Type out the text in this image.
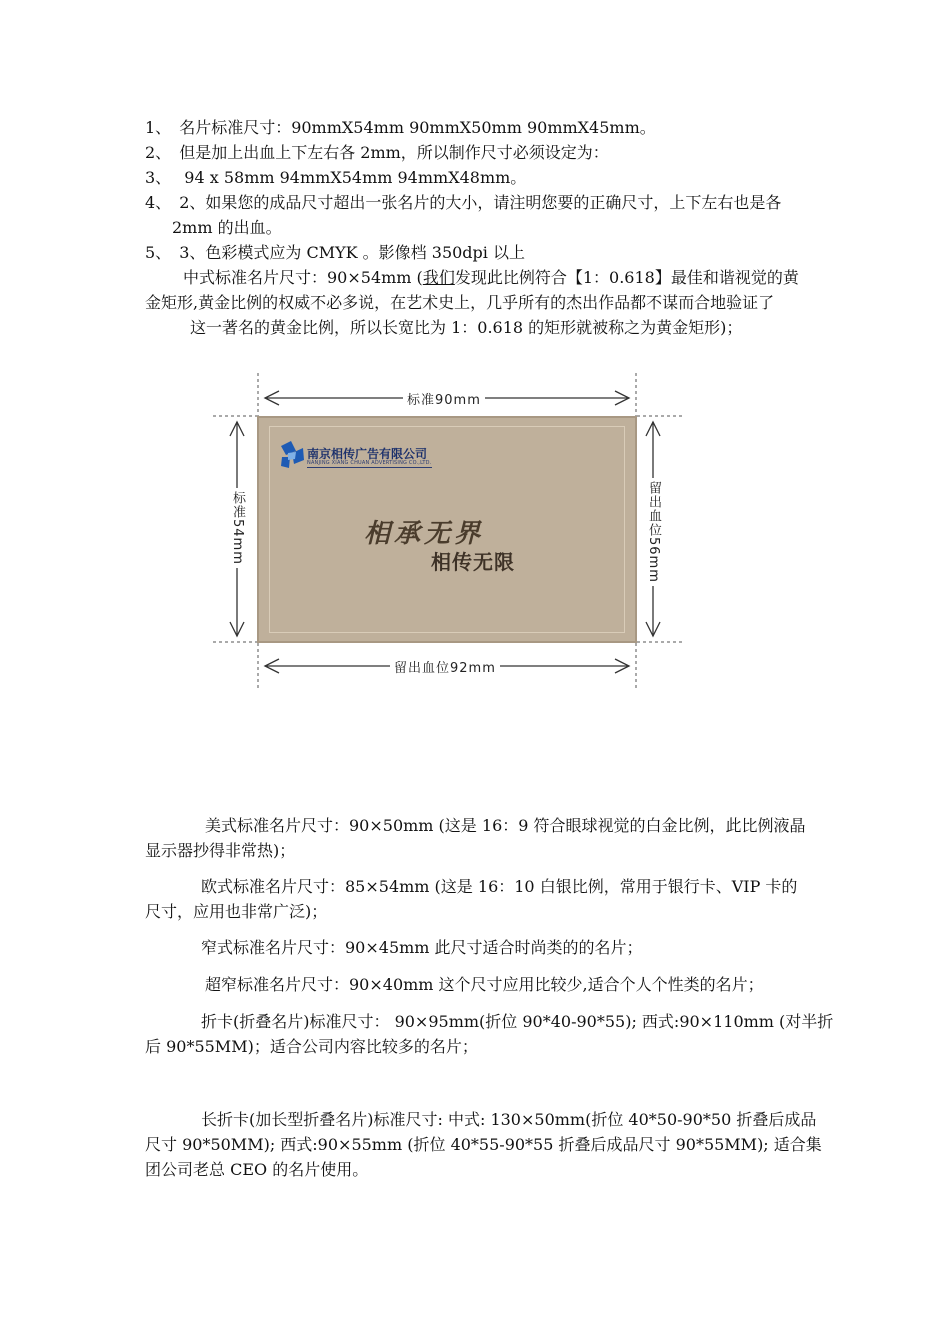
1、 名片标准尺寸：90mmX54mm 90mmX50mm 90mmX45mm。
2、 但是加上出血上下左右各 2mm，所以制作尺寸必须设定为：
3、 94 x 58mm 94mmX54mm 94mmX48mm。
4、 2、如果您的成品尺寸超出一张名片的大小，请注明您要的正确尺寸，上下左右也是各
2mm 的出血。
5、 3、色彩模式应为 CMYK 。影像档 350dpi 以上
中式标准名片尺寸：90×54mm (我们发现此比例符合【1：0.618】最佳和谐视觉的黄
金矩形,黄金比例的权威不必多说，在艺术史上，几乎所有的杰出作品都不谋而合地验证了
这一著名的黄金比例，所以长宽比为 1：0.618 的矩形就被称之为黄金矩形)；
标准90mm
留出血位92mm
标准54mm	留出血位56mm
南京相传广告有限公司
NANJING XIANG CHUAN ADVERTISING CO.,LTD.
相承无界
相传无限
美式标准名片尺寸：90×50mm (这是 16：9 符合眼球视觉的白金比例，此比例液晶
显示器抄得非常热)；
欧式标准名片尺寸：85×54mm (这是 16：10 白银比例，常用于银行卡、VIP 卡的
尺寸，应用也非常广泛)；
窄式标准名片尺寸：90×45mm 此尺寸适合时尚类的的名片；
超窄标准名片尺寸：90×40mm 这个尺寸应用比较少,适合个人个性类的名片；
折卡(折叠名片)标准尺寸： 90×95mm(折位 90*40-90*55); 西式:90×110mm (对半折
后 90*55MM)；适合公司内容比较多的名片；
长折卡(加长型折叠名片)标准尺寸: 中式: 130×50mm(折位 40*50-90*50 折叠后成品
尺寸 90*50MM); 西式:90×55mm (折位 40*55-90*55 折叠后成品尺寸 90*55MM); 适合集
团公司老总 CEO 的名片使用。
